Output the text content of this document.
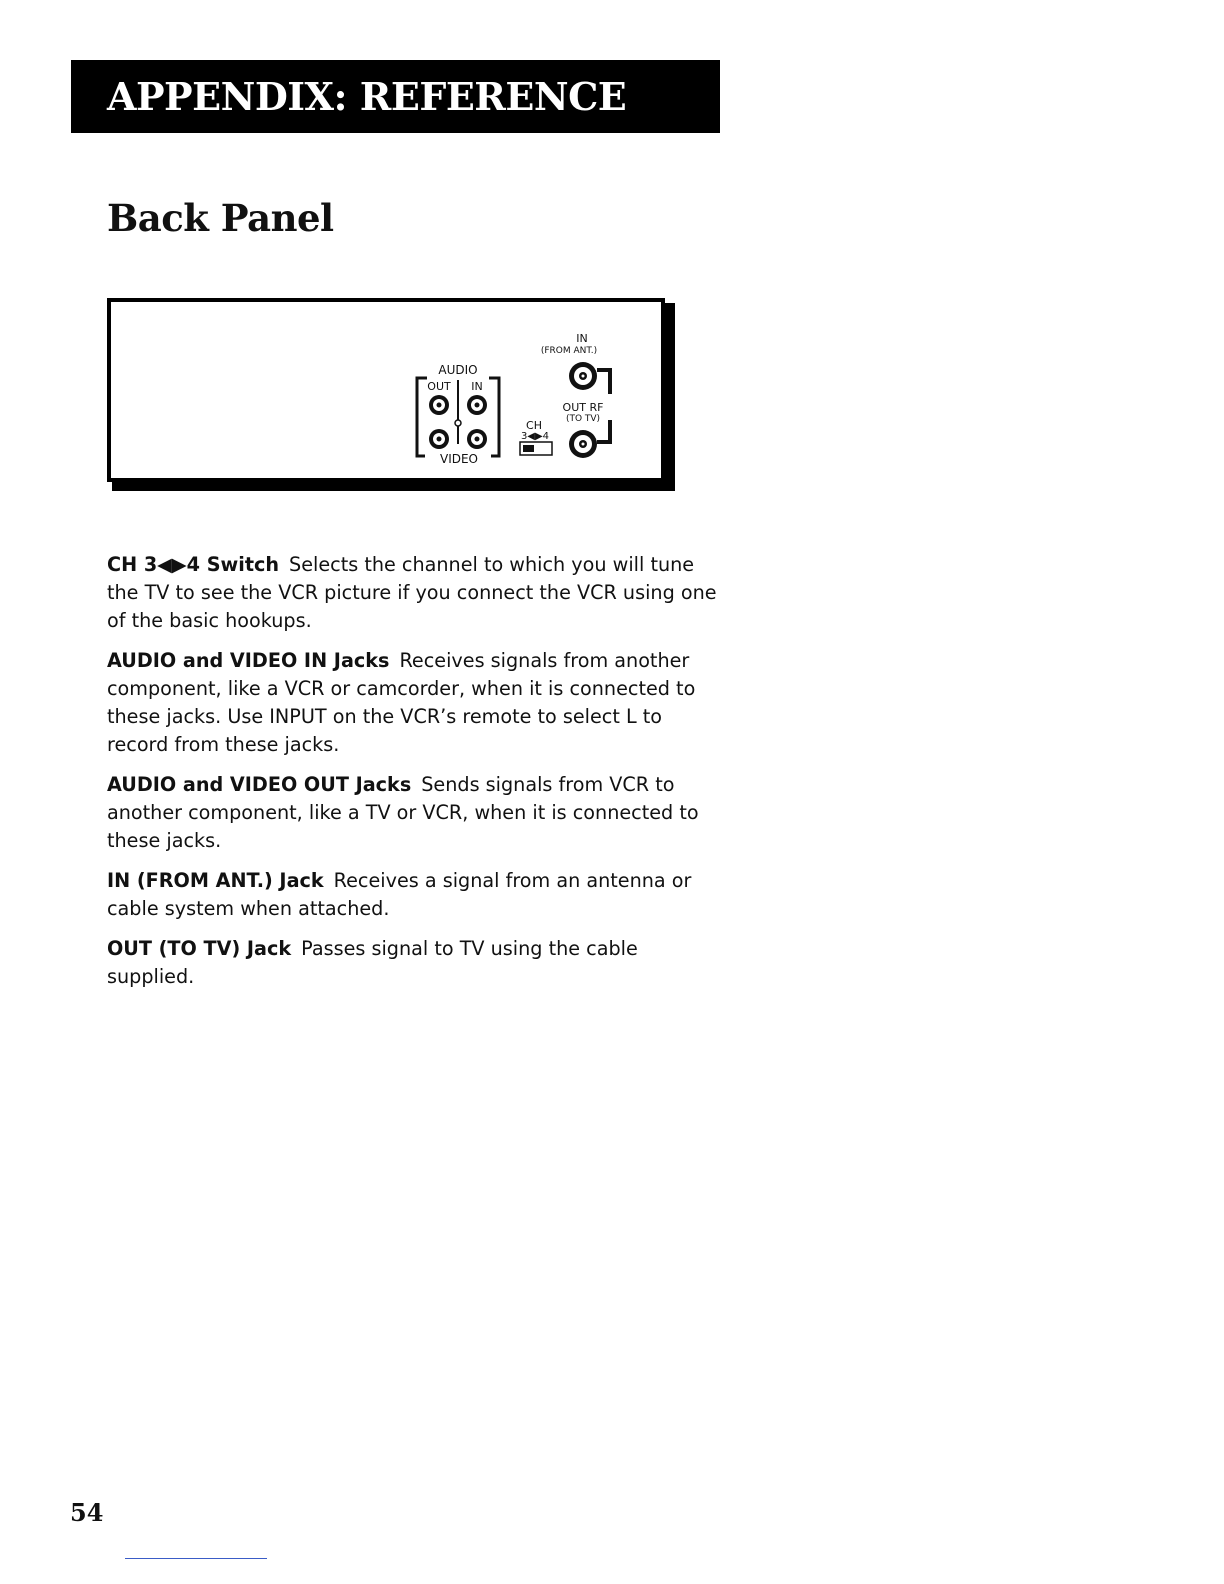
APPENDIX: REFERENCE
Back Panel
IN
(FROM ANT.)
AUDIO
OUT IN
VIDEO
CH
3◀▶4
OUT RF
(TO TV)

CH 3◀▶4 Switch Selects the channel to which you will tune the TV to see the VCR picture if you connect the VCR using one of the basic hookups.

AUDIO and VIDEO IN Jacks Receives signals from another component, like a VCR or camcorder, when it is connected to these jacks. Use INPUT on the VCR’s remote to select L to record from these jacks.

AUDIO and VIDEO OUT Jacks Sends signals from VCR to another component, like a TV or VCR, when it is connected to these jacks.

IN (FROM ANT.) Jack Receives a signal from an antenna or cable system when attached.

OUT (TO TV) Jack Passes signal to TV using the cable supplied.

54
